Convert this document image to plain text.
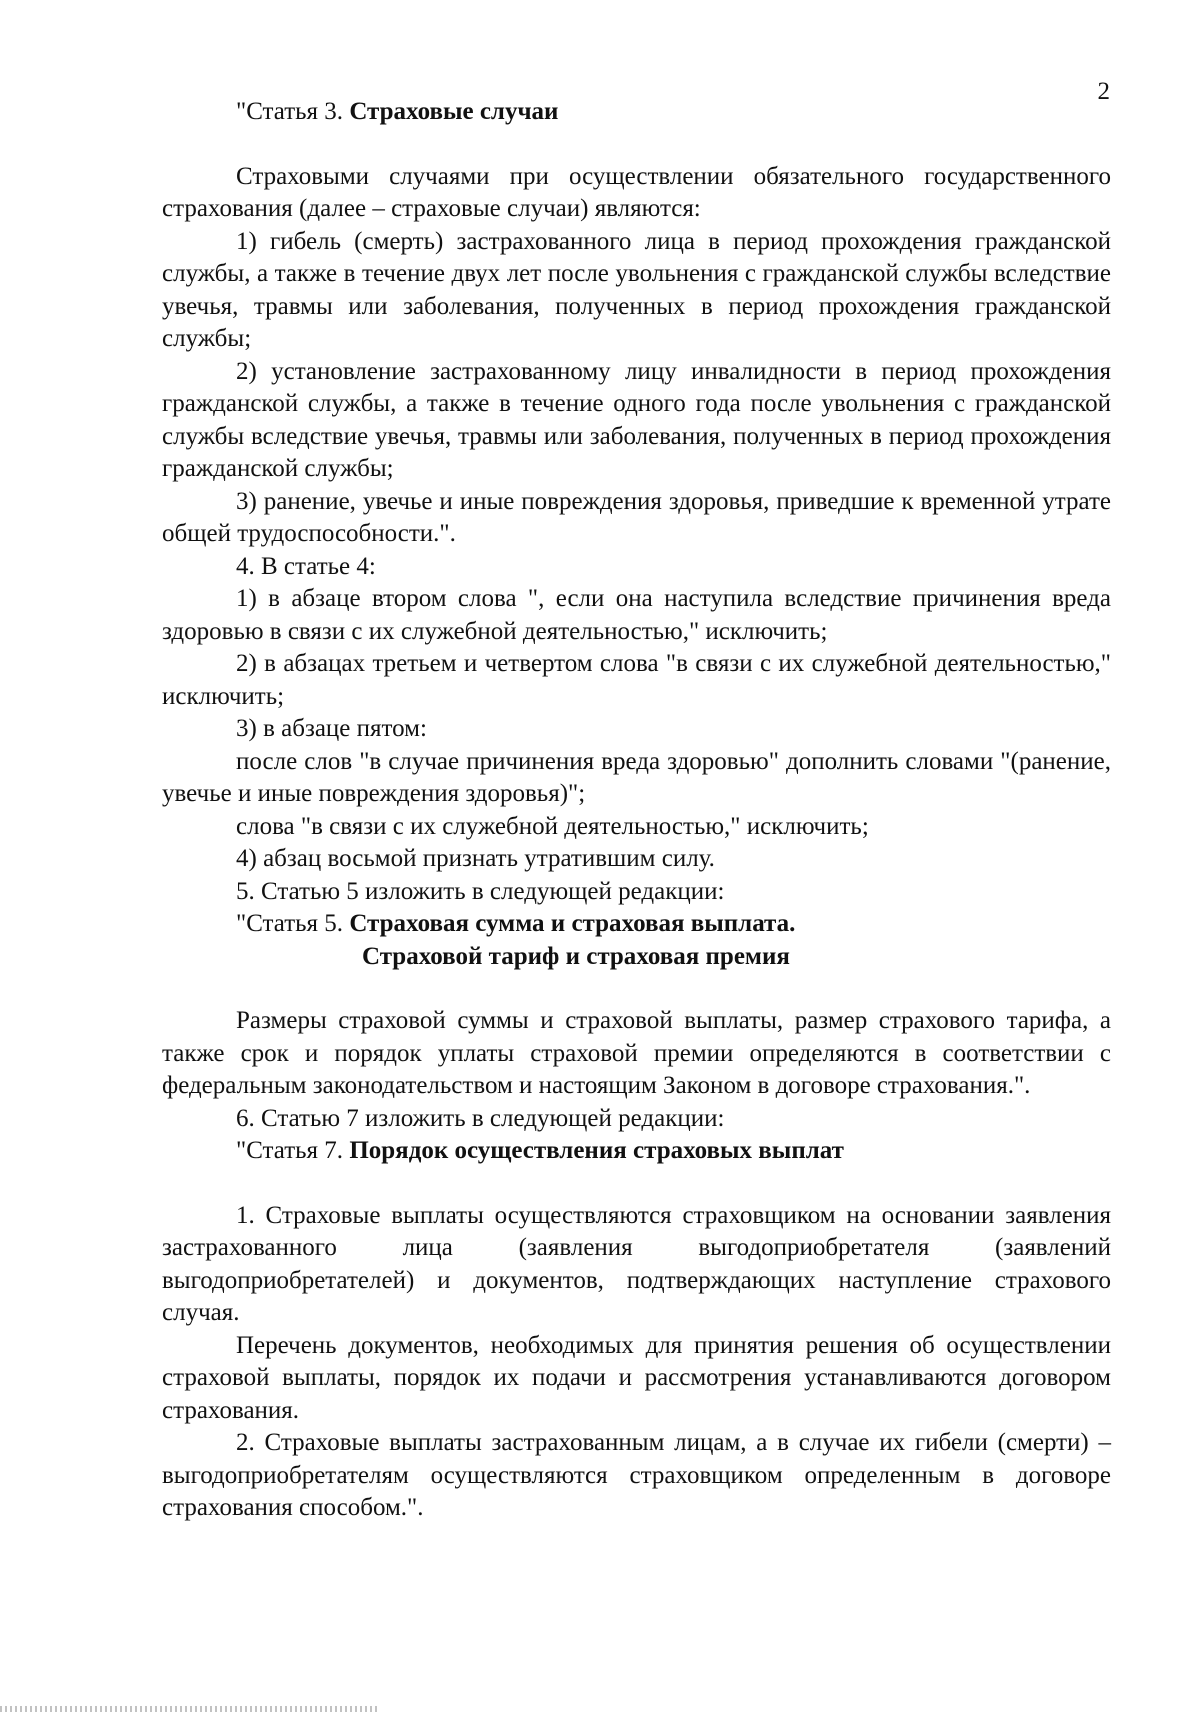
2

"Статья 3. Страховые случаи

Страховыми случаями при осуществлении обязательного государственного страхования (далее – страховые случаи) являются:

1) гибель (смерть) застрахованного лица в период прохождения гражданской службы, а также в течение двух лет после увольнения с гражданской службы вследствие увечья, травмы или заболевания, полученных в период прохождения гражданской службы;

2) установление застрахованному лицу инвалидности в период прохождения гражданской службы, а также в течение одного года после увольнения с гражданской службы вследствие увечья, травмы или заболевания, полученных в период прохождения гражданской службы;

3) ранение, увечье и иные повреждения здоровья, приведшие к временной утрате общей трудоспособности.".

4. В статье 4:

1) в абзаце втором слова ", если она наступила вследствие причинения вреда здоровью в связи с их служебной деятельностью," исключить;

2) в абзацах третьем и четвертом слова "в связи с их служебной деятельностью," исключить;

3) в абзаце пятом:

после слов "в случае причинения вреда здоровью" дополнить словами "(ранение, увечье и иные повреждения здоровья)";

слова "в связи с их служебной деятельностью," исключить;

4) абзац восьмой признать утратившим силу.

5. Статью 5 изложить в следующей редакции:

"Статья 5. Страховая сумма и страховая выплата.

Страховой тариф и страховая премия

Размеры страховой суммы и страховой выплаты, размер страхового тарифа, а также срок и порядок уплаты страховой премии определяются в соответствии с федеральным законодательством и настоящим Законом в договоре страхования.".

6. Статью 7 изложить в следующей редакции:

"Статья 7. Порядок осуществления страховых выплат

1. Страховые выплаты осуществляются страховщиком на основании заявления застрахованного лица (заявления выгодоприобретателя (заявлений выгодоприобретателей) и документов, подтверждающих наступление страхового случая.

Перечень документов, необходимых для принятия решения об осуществлении страховой выплаты, порядок их подачи и рассмотрения устанавливаются договором страхования.

2. Страховые выплаты застрахованным лицам, а в случае их гибели (смерти) – выгодоприобретателям осуществляются страховщиком определенным в договоре страхования способом.".
